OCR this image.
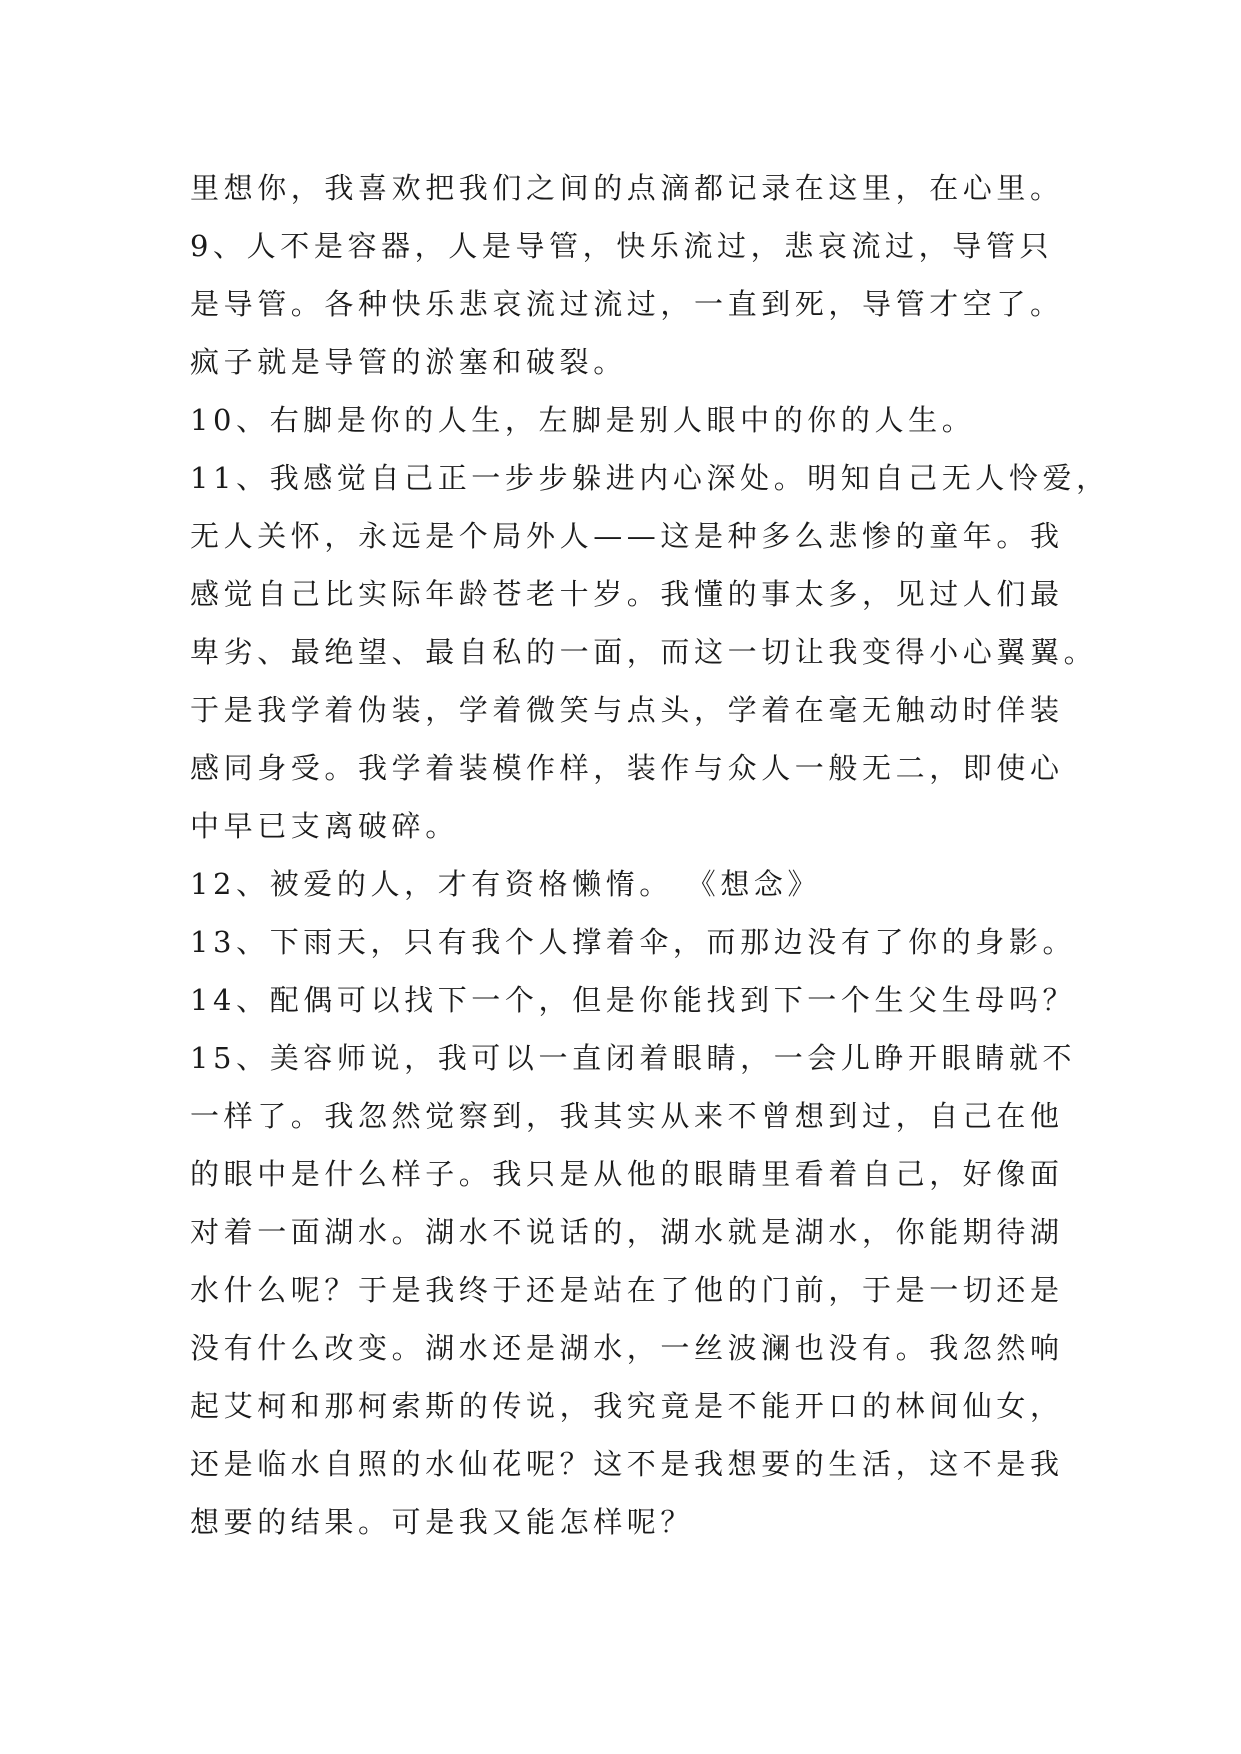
里想你，我喜欢把我们之间的点滴都记录在这里，在心里。
9、人不是容器，人是导管，快乐流过，悲哀流过，导管只
是导管。各种快乐悲哀流过流过，一直到死，导管才空了。
疯子就是导管的淤塞和破裂。
10、右脚是你的人生，左脚是别人眼中的你的人生。
11、我感觉自己正一步步躲进内心深处。明知自己无人怜爱，
无人关怀，永远是个局外人——这是种多么悲惨的童年。我
感觉自己比实际年龄苍老十岁。我懂的事太多，见过人们最
卑劣、最绝望、最自私的一面，而这一切让我变得小心翼翼。
于是我学着伪装，学着微笑与点头，学着在毫无触动时佯装
感同身受。我学着装模作样，装作与众人一般无二，即使心
中早已支离破碎。
12、被爱的人，才有资格懒惰。 《想念》
13、下雨天，只有我个人撑着伞，而那边没有了你的身影。
14、配偶可以找下一个，但是你能找到下一个生父生母吗？
15、美容师说，我可以一直闭着眼睛，一会儿睁开眼睛就不
一样了。我忽然觉察到，我其实从来不曾想到过，自己在他
的眼中是什么样子。我只是从他的眼睛里看着自己，好像面
对着一面湖水。湖水不说话的，湖水就是湖水，你能期待湖
水什么呢？于是我终于还是站在了他的门前，于是一切还是
没有什么改变。湖水还是湖水，一丝波澜也没有。我忽然响
起艾柯和那柯索斯的传说，我究竟是不能开口的林间仙女，
还是临水自照的水仙花呢？这不是我想要的生活，这不是我
想要的结果。可是我又能怎样呢？
